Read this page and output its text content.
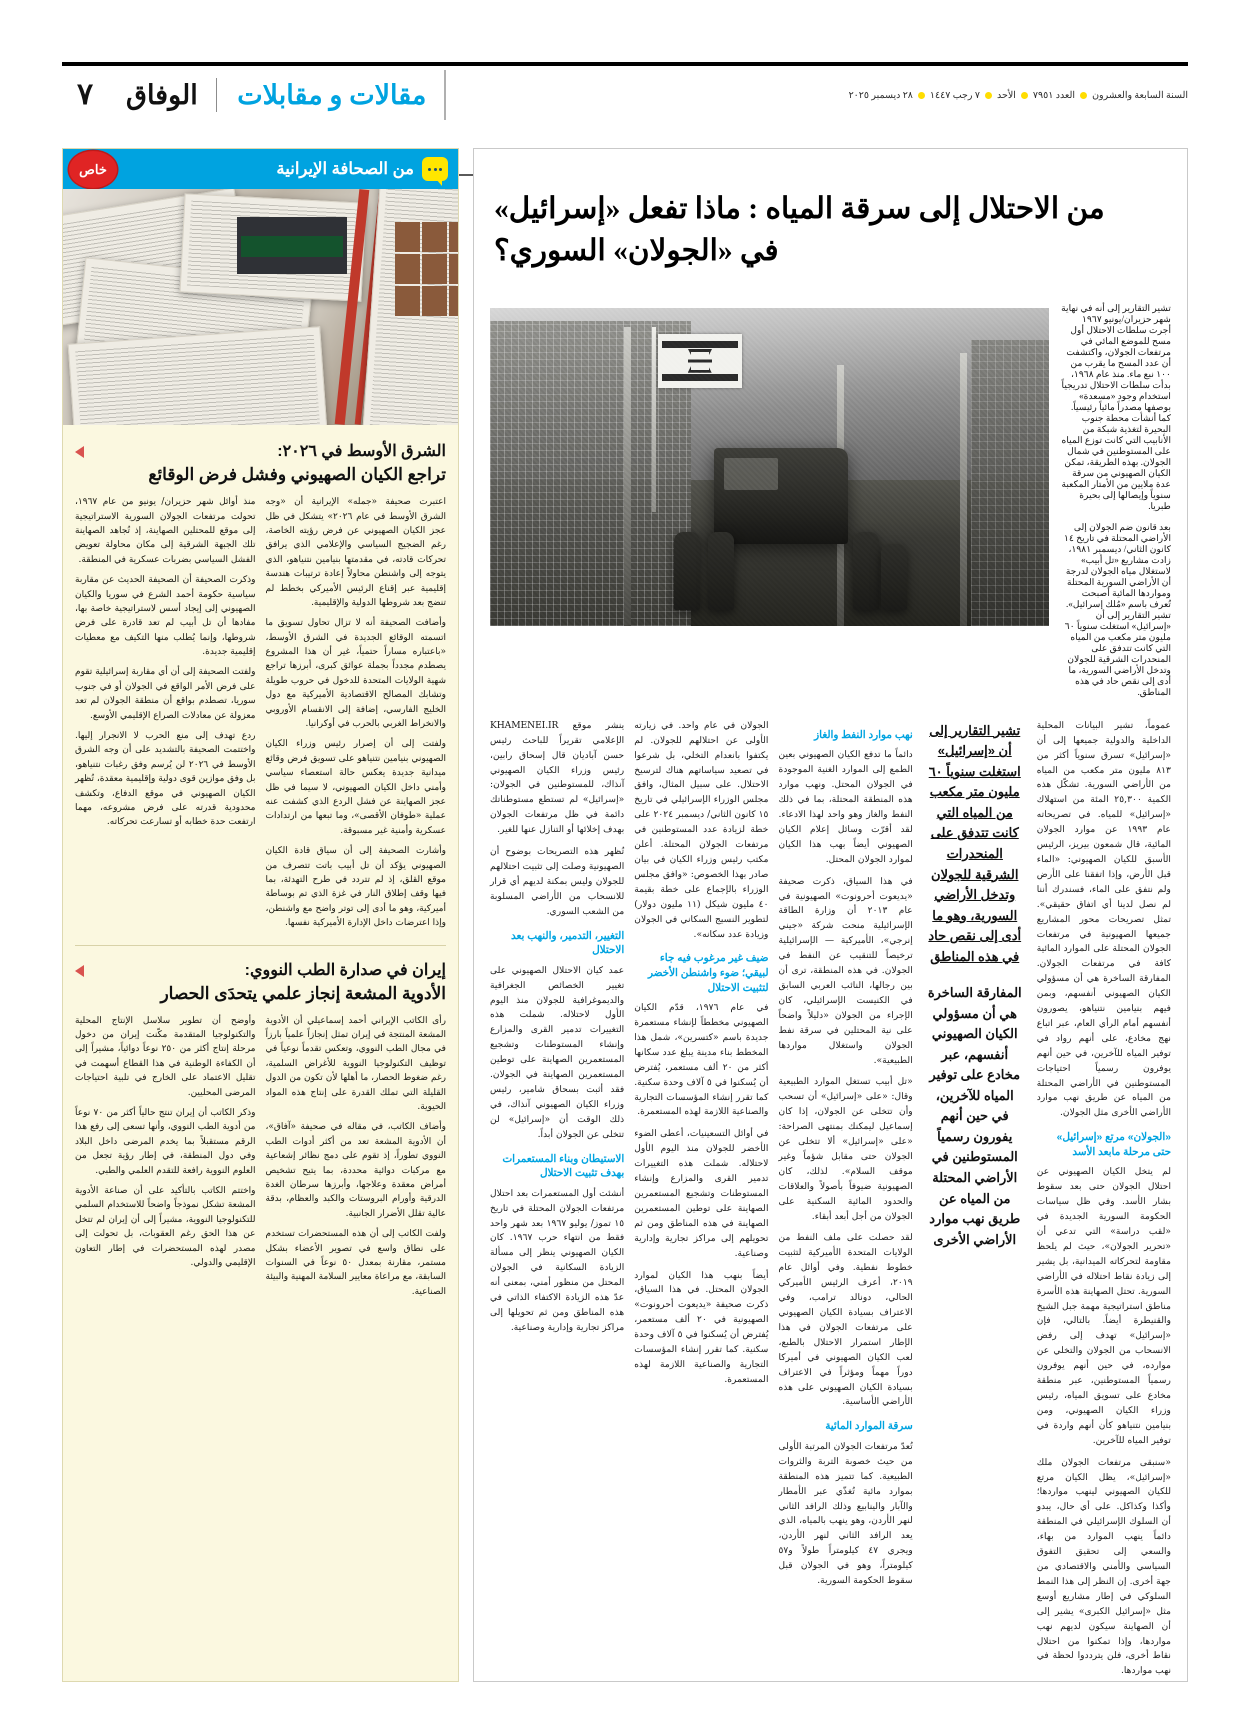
٧	الوفاق	مقالات و مقابلات	السنة السابعة والعشرون
العدد ٧٩٥١
الأحد
٧ رجب ١٤٤٧
٢٨ ديسمبر ٢٠٢٥
من الاحتلال إلى سرقة المياه : ماذا تفعل «إسرائيل»
في «الجولان» السوري؟

تشير التقارير إلى أنه في نهاية شهر حزيران/يونيو ١٩٦٧ أجرت سلطات الاحتلال أول مسح للموضع المائي في مرتفعات الجولان، واكتشفت أن عدد المسح ما يقرب من ١٠٠ نبع ماء. منذ عام ١٩٦٨، بدأت سلطات الاحتلال تدريجياً استخدام وجود «مسعدة» بوصفها مصدراً مائياً رئيسياً. كما أنشأت محطة جنوب البحيرة لتغذية شبكة من الأنابيب التي كانت توزع المياه على المستوطنين في شمال الجولان. بهذه الطريقة، تمكن الكيان الصهيوني من سرقة عدة ملايين من الأمتار المكعبة سنوياً وإيصالها إلى بحيرة طبريا.

بعد قانون ضم الجولان إلى الأراضي المحتلة في تاريخ ١٤ كانون الثاني/ ديسمبر ١٩٨١، زادت مشاريع «تل أبيب» لاستغلال مياه الجولان لدرجة أن الأراضي السورية المحتلة ومواردها المائية أصبحت تُعرف باسم «مُلك إسرائيل». تشير التقارير إلى أن «إسرائيل» استغلت سنوياً ٦٠ مليون متر مكعب من المياه التي كانت تتدفق على المنحدرات الشرقية للجولان وتدخل الأراضي السورية، ما أدى إلى نقص حاد في هذه المناطق.

عموماً، تشير البيانات المحلية الداخلية والدولية جميعها إلى أن «إسرائيل» تسرق سنوياً أكثر من ٨١٣ مليون متر مكعب من المياه من الأراضي السورية. تشكّل هذه الكمية ٢٥,٣٠٠ المئة من استهلاك «إسرائيل» للمياه. في تصريحاته عام ١٩٩٣ عن موارد الجولان المائية، قال شمعون بيريز، الرئيس الأسبق للكيان الصهيوني: «الماء قبل الأرض، وإذا اتفقنا على الأرض ولم نتفق على الماء، فسندرك أننا لم نصل لدينا أي اتفاق حقيقي». تمثل تصريحات محور المشاريع جميعها الصهيونية في مرتفعات الجولان المحتلة على الموارد المائية كافة في مرتفعات الجولان. المفارقة الساخرة هي أن مسؤولي الكيان الصهيوني أنفسهم، وبمن فيهم بنيامين نتنياهو، يصورون أنفسهم أمام الرأي العام، عبر اتباع نهج مخادع، على أنهم رواد في توفير المياه للآخرين، في حين أنهم يوفرون رسمياً احتياجات المستوطنين في الأراضي المحتلة من المياه عن طريق نهب موارد الأراضي الأخرى مثل الجولان.

«الجولان» مرتع «إسرائيل» حتى مرحلة مابعد الأسد

لم يتخل الكيان الصهيوني عن احتلال الجولان حتى بعد سقوط بشار الأسد. وفي ظل سياسات الحكومة السورية الجديدة في «لقب دراسة» التي تدعي أن «تحرير الجولان»، حيث لم يلحظ مقاومة لتحركاته الميدانية، بل يشير إلى زيادة نقاط احتلاله في الأراضي السورية. تحتل الصهاينة هذه الأسرة مناطق استراتيجية مهمة جبل الشيخ والقنيطرة أيضاً. بالتالي، فإن «إسرائيل» تهدف إلى رفض الانسحاب من الجولان والتخلي عن موارده، في حين أنهم يوفرون رسمياً المستوطنين، عبر منطقة مخادع على تسويق المياه، رئيس وزراء الكيان الصهيوني، ومن بنيامين نتنياهو كأن أنهم واردة في توفير المياه للآخرين.

«سنبقى مرتفعات الجولان ملك «إسرائيل»، يظل الكيان مرتع للكيان الصهيوني لينهب مواردها؛ وأكذا وكذاكل. على أي حال، يبدو أن السلوك الإسرائيلي في المنطقة دائماً ينهب الموارد من بهاء، والسعي إلى تحقيق التفوق السياسي والأمني والاقتصادي من جهة أخرى. إن النظر إلى هذا النمط السلوكي في إطار مشاريع أوسع مثل «إسرائيل الكبرى» يشير إلى أن الصهاينة سيكون لديهم نهب مواردها، وإذا تمكنوا من احتلال نقاط أخرى، فلن يترددوا لحظة في نهب مواردها.

تشير التقارير إلى أن «إسرائيل» استغلت سنوياً ٦٠ مليون متر مكعب من المياه التي كانت تتدفق على المنحدرات الشرقية للجولان وتدخل الأراضي السورية، وهو ما أدى إلى نقص حاد في هذه المناطق
المفارقة الساخرة هي أن مسؤولي الكيان الصهيوني أنفسهم، عبر مخادع على توفير المياه للآخرين، في حين أنهم يفورون رسمياً المستوطنين في الأراضي المحتلة من المياه عن طريق نهب موارد الأراضي الأخرى
نهب موارد النفط والغاز

دائماً ما تدفع الكيان الصهيوني بعين الطمع إلى الموارد الغنية الموجودة في الجولان المحتل. ونهب موارد هذه المنطقة المحتلة، بما في ذلك النفط والغاز وهو واحد لهذا الادعاء. لقد أقرّت وسائل إعلام الكيان الصهيوني أيضاً بهب هذا الكيان لموارد الجولان المحتل.

في هذا السياق، ذكرت صحيفة «يديعوت أحرونوت» الصهيونية في عام ٢٠١٣ أن وزارة الطاقة الإسرائيلية منحت شركة «جيني إنرجي»، الأميركية — الإسرائيلية ترخيصاً للتنقيب عن النفط في الجولان. في هذه المنطقة، ترى أن بين رجالها، النائب العربي السابق في الكنيست الإسرائيلي، كان الإجراء من الجولان «دليلاً واضحاً على نية المحتلين في سرقة نفط الجولان واستغلال مواردها الطبيعية».

«تل أبيب تستغل الموارد الطبيعية وقال: «على «إسرائيل» أن تسحب وأن تتخلى عن الجولان، إذا كان إسماعيل ليمكنك بمنتهى الصراحة: «على «إسرائيل» ألا تتخلى عن الجولان حتى مقابل شؤماً وغير موقف السلام». لذلك، كان الصهيونية ضيوفاً بأصولاً والعلاقات والحدود المائية السكنية على الجولان من أجل أبعد أبقاء.

لقد حصلت على ملف النفط من الولايات المتحدة الأميركية لتثبيت خطوط نفطية. وفي أوائل عام ٢٠١٩، أعرف الرئيس الأميركي الحالي، دونالد ترامب، وفي الاعتراف بسيادة الكيان الصهيوني على مرتفعات الجولان في هذا الإطار استمرار الاحتلال بالطبع، لعب الكيان الصهيوني في أميركا دوراً مهماً ومؤثراً في الاعتراف بسيادة الكيان الصهيوني على هذه الأراضي الأساسية.

سرقة الموارد المائية

تُعدّ مرتفعات الجولان المرتبة الأولى من حيث خصوبة التربة والثروات الطبيعية. كما تتميز هذه المنطقة بموارد مائية تُغذّي عبر الأمطار والآبار والينابيع وذلك الرافد الثاني لنهر الأردن، وهو ينهب بالمياه، الذي يعد الرافد الثاني لنهر الأردن، ويجري ٤٧ كيلومتراً طولاً و٥٧ كيلومتراً، وهو في الجولان قبل سقوط الحكومة السورية.

الجولان في عام واحد. في زيارته الأولى عن احتلالهم للجولان. لم يكتفوا بانعدام التخلي، بل شرعوا في تصعيد سياساتهم هناك لترسيخ الاحتلال. على سبيل المثال، وافق مجلس الوزراء الإسرائيلي في تاريخ ١٥ كانون الثاني/ ديسمبر ٢٠٢٤ على خطة لزيادة عدد المستوطنين في مرتفعات الجولان المحتلة. أعلن مكتب رئيس وزراء الكيان في بيان صادر بهذا الخصوص: «وافق مجلس الوزراء بالإجماع على خطة بقيمة ٤٠ مليون شيكل (١١ مليون دولار) لتطوير النسيج السكاني في الجولان وزيادة عدد سكانه».

ضيف غير مرغوب فيه جاء لبيقي؛ ضوء واشنطن الأخضر لتثبيت الاحتلال

في عام ١٩٧٦، قدّم الكيان الصهيوني مخططاً لإنشاء مستعمرة جديدة باسم «كتسرين»، شمل هذا المخطط بناء مدينة يبلغ عدد سكانها أكثر من ٢٠ ألف مستعمر، يُفترض أن يُسكنوا في ٥ آلاف وحدة سكنية. كما تقرر إنشاء المؤسسات التجارية والصناعية اللازمة لهذه المستعمرة.

في أوائل التسعينيات، أعطى الضوء الأخضر للجولان منذ اليوم الأول لاحتلاله. شملت هذه التغييرات تدمير القرى والمزارع وإنشاء المستوطنات وتشجيع المستعمرين الصهاينة على توطين المستعمرين الصهاينة في هذه المناطق ومن ثم تحويلهم إلى مراكز تجارية وإدارية وصناعية.

أيضاً بنهب هذا الكيان لموارد الجولان المحتل. في هذا السياق، ذكرت صحيفة «يديعوت أحرونوت» الصهيونية في ٢٠ ألف مستعمر، يُفترض أن يُسكنوا في ٥ آلاف وحدة سكنية. كما تقرر إنشاء المؤسسات التجارية والصناعية اللازمة لهذه المستعمرة.

ينشر موقع KHAMENEI.IR الإعلامي تقريراً للباحث رئيس حسن آبادیان قال إسحاق رابين، رئيس وزراء الكيان الصهيوني آنذاك، للمستوطنين في الجولان: «إسرائيل» لم تستطع مستوطناتك دائمة في ظل مرتفعات الجولان بهدف إخلائها أو التنازل عنها للغير.

تُظهر هذه التصريحات بوضوح أن الصهيونية وصلت إلى تثبيت احتلالهم للجولان وليس بمكنة لديهم أي قرار للانسحاب من الأراضي المسلوبة من الشعب السوري.

التغيير، التدمير، والنهب بعد الاحتلال

عمد كيان الاحتلال الصهيوني على تغيير الخصائص الجغرافية والديموغرافية للجولان منذ اليوم الأول لاحتلاله. شملت هذه التغييرات تدمير القرى والمزارع وإنشاء المستوطنات وتشجيع المستعمرين الصهاينة على توطين المستعمرين الصهاينة في الجولان. فقد أثبت بسحاق شامير، رئيس وزراء الكيان الصهيوني آنذاك، في ذلك الوقت أن «إسرائيل» لن تتخلى عن الجولان أبداً.

الاستيطان وبناء المستعمرات بهدف تثبيت الاحتلال

أنشئت أول المستعمرات بعد احتلال مرتفعات الجولان المحتلة في تاريخ ١٥ تموز/ يوليو ١٩٦٧ بعد شهر واحد فقط من انتهاء حرب ١٩٦٧. كان الكيان الصهيوني ينظر إلى مسألة الزيادة السكانية في الجولان المحتل من منظور أمني، بمعنى أنه عدّ هذه الزيادة الاكتفاء الذاتي في هذه المناطق ومن ثم تحويلها إلى مراكز تجارية وإدارية وصناعية.

من الصحافة الإيرانية
خاص
الشرق الأوسط في ٢٠٢٦:
تراجع الكيان الصهيوني وفشل فرض الوقائع

اعتبرت صحيفة «جمله» الإيرانية أن «وجه الشرق الأوسط في عام ٢٠٢٦» يتشكل في ظل عجز الكيان الصهيوني عن فرض رؤيته الخاصة، رغم الضجيج السياسي والإعلامي الذي يرافق تحركات قادته، في مقدمتها بنيامين نتنياهو، الذي يتوجه إلى واشنطن محاولاً إعادة ترتيبات هندسة إقليمية عبر إقناع الرئيس الأميركي بخطط لم تنضج بعد شروطها الدولية والإقليمية.

وأضافت الصحيفة أنه لا تزال تحاول تسويق ما اتسمته الوقائع الجديدة في الشرق الأوسط، «باعتباره مساراً حتمياً، غير أن هذا المشروع يصطدم مجدداً بجملة عوائق كبرى، أبرزها تراجع شهية الولايات المتحدة للدخول في حروب طويلة وتشابك المصالح الاقتصادية الأميركية مع دول الخليج الفارسي، إضافة إلى الانقسام الأوروبي والانخراط الغربي بالحرب في أوكرانيا.

ولفتت إلى أن إصرار رئيس وزراء الكيان الصهيوني بنيامين نتنياهو على تسويق فرض وقائع ميدانية جديدة يعكس حالة استعصاء سياسي وأمني داخل الكيان الصهيوني، لا سيما في ظل عجز الصهاينة عن فشل الردع الذي كشفت عنه عملية «طوفان الأقصى»، وما تبعها من ارتدادات عسكرية وأمنية غير مسبوقة.

وأشارت الصحيفة إلى أن سياق قادة الكيان الصهيوني يؤكد أن تل أبيب باتت تتصرف من موقع القلق، إذ لم تتردد في طرح التهدئة، بما فيها وقف إطلاق النار في غزة الذي تم بوساطة أميركية، وهو ما أدى إلى توتر واضح مع واشنطن، وإذا اعترضات داخل الإدارة الأميركية نفسها.

منذ أوائل شهر حزيران/ يونيو من عام ١٩٦٧، تحولت مرتفعات الجولان السورية الاستراتيجية إلى موقع للمحتلين الصهاينة، إذ تُجاهد الصهاينة تلك الجبهة الشرقية إلى مكان محاولة تعويض الفشل السياسي بضربات عسكرية في المنطقة.

وذكرت الصحيفة أن الصحيفة الحديث عن مقاربة سياسية حكومة أحمد الشرع في سوريا والكيان الصهيوني إلى إيجاد أسس لاستراتيجية خاصة بها، مفادها أن تل أبيب لم تعد قادرة على فرض شروطها، وإنما يُطلب منها التكيف مع معطيات إقليمية جديدة.

ولفتت الصحيفة إلى أن أي مقاربة إسرائيلية تقوم على فرض الأمر الواقع في الجولان أو في جنوب سوريا، تصطدم بواقع أن منطقة الجولان لم تعد معزولة عن معادلات الصراع الإقليمي الأوسع.

ردع تهدف إلى منع الحرب لا الانجرار إليها. واختتمت الصحيفة بالتشديد على أن وجه الشرق الأوسط في ٢٠٢٦ لن يُرسم وفق رغبات نتنياهو، بل وفق موازين قوى دولية وإقليمية معقدة، تُظهر الكيان الصهيوني في موقع الدفاع، وتكشف محدودية قدرته على فرض مشروعه، مهما ارتفعت حدة خطابه أو تسارعت تحركاته.

إيران في صدارة الطب النووي:
الأدوية المشعة إنجاز علمي يتحدَى الحصار

رأى الكاتب الإيراني أحمد إسماعيلي أن الأدوية المشعة المنتجة في إيران تمثل إنجازاً علمياً بارزاً في مجال الطب النووي، وتعكس تقدماً نوعياً في توظيف التكنولوجيا النووية للأغراض السلمية، رغم ضغوط الحصار، ما أهلها لأن تكون من الدول القليلة التي تملك القدرة على إنتاج هذه المواد الحيوية.

وأضاف الكاتب، في مقاله في صحيفة «آفاق»، أن الأدوية المشعة تعد من أكثر أدوات الطب النووي تطوراً، إذ تقوم على دمج نظائر إشعاعية مع مركبات دوائية محددة، بما يتيح تشخيص أمراض معقدة وعلاجها، وأبرزها سرطان الغدة الدرقية وأورام البروستات والكبد والعظام، بدقة عالية تقلل الأضرار الجانبية.

ولفت الكاتب إلى أن هذه المستحضرات تستخدم على نطاق واسع في تصوير الأعضاء بشكل مستمر، مقارنة بمعدل ٥٠ نوعاً في السنوات السابقة، مع مراعاة معايير السلامة المهنية والبيئة الصناعية.

وأوضح أن تطوير سلاسل الإنتاج المحلية والتكنولوجيا المتقدمة مكّنت إيران من دخول مرحلة إنتاج أكثر من ٢٥٠ نوعاً دوائياً، مشيراً إلى أن الكفاءة الوطنية في هذا القطاع أسهمت في تقليل الاعتماد على الخارج في تلبية احتياجات المرضى المحليين.

وذكر الكاتب أن إيران تنتج حالياً أكثر من ٧٠ نوعاً من أدوية الطب النووي، وأنها تسعى إلى رفع هذا الرقم مستقبلاً بما يخدم المرضى داخل البلاد وفي دول المنطقة، في إطار رؤية تجعل من العلوم النووية رافعة للتقدم العلمي والطبي.

واختتم الكاتب بالتأكيد على أن صناعة الأدوية المشعة تشكل نموذجاً واضحاً للاستخدام السلمي للتكنولوجيا النووية، مشيراً إلى أن إيران لم تتخل عن هذا الحق رغم العقوبات، بل تحولت إلى مصدر لهذه المستحضرات في إطار التعاون الإقليمي والدولي.
